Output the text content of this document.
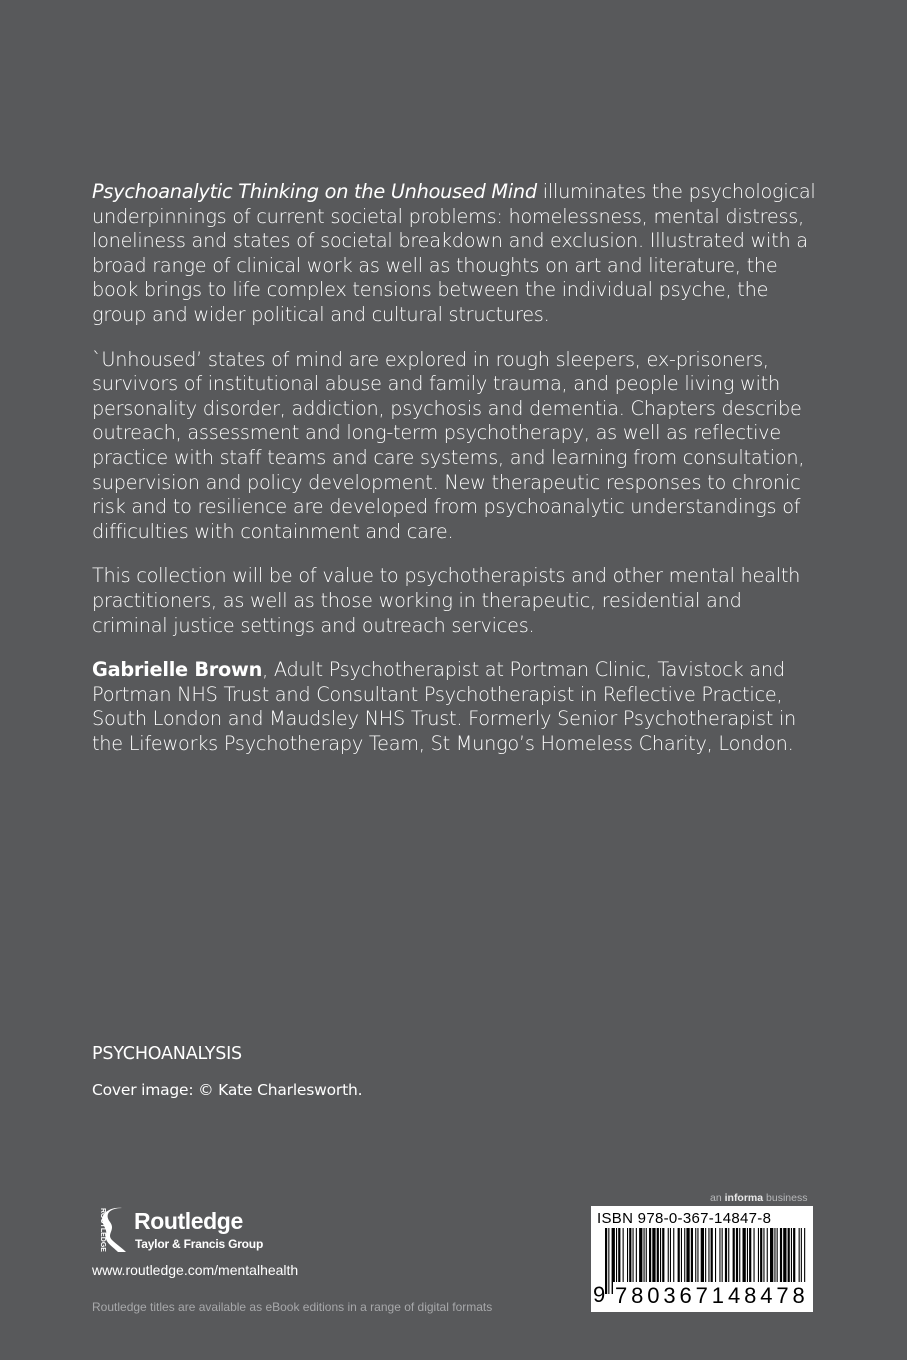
Psychoanalytic Thinking on the Unhoused Mind illuminates the psychological underpinnings of current societal problems: homelessness, mental distress, loneliness and states of societal breakdown and exclusion. Illustrated with a broad range of clinical work as well as thoughts on art and literature, the book brings to life complex tensions between the individual psyche, the group and wider political and cultural structures.

`Unhoused’ states of mind are explored in rough sleepers, ex-prisoners, survivors of institutional abuse and family trauma, and people living with personality disorder, addiction, psychosis and dementia. Chapters describe outreach, assessment and long-term psychotherapy, as well as reflective practice with staff teams and care systems, and learning from consultation, supervision and policy development. New therapeutic responses to chronic risk and to resilience are developed from psychoanalytic understandings of difficulties with containment and care.

This collection will be of value to psychotherapists and other mental health practitioners, as well as those working in therapeutic, residential and criminal justice settings and outreach services.

Gabrielle Brown, Adult Psychotherapist at Portman Clinic, Tavistock and Portman NHS Trust and Consultant Psychotherapist in Reflective Practice, South London and Maudsley NHS Trust. Formerly Senior Psychotherapist in the Lifeworks Psychotherapy Team, St Mungo’s Homeless Charity, London.

PSYCHOANALYSIS
Cover image: © Kate Charlesworth.
ROUTLEDGE Routledge
Taylor & Francis Group
www.routledge.com/mentalhealth
Routledge titles are available as eBook editions in a range of digital formats
an informa business
ISBN 978-0-367-14847-8
9 780367148478
